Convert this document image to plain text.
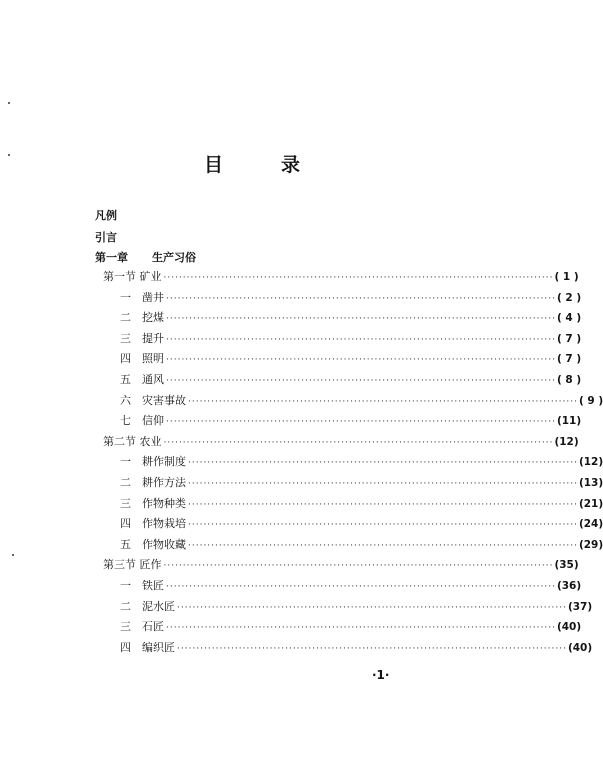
目	录
凡例
引言
第一章 生产习俗
第一节 矿业 ····································································································· ( 1 )
一 凿井 ····································································································· ( 2 )
二 挖煤 ····································································································· ( 4 )
三 提升 ····································································································· ( 7 )
四 照明 ····································································································· ( 7 )
五 通风 ····································································································· ( 8 )
六 灾害事故 ····································································································· ( 9 )
七 信仰 ····································································································· (11)
第二节 农业 ····································································································· (12)
一 耕作制度 ····································································································· (12)
二 耕作方法 ····································································································· (13)
三 作物种类 ····································································································· (21)
四 作物栽培 ····································································································· (24)
五 作物收藏 ····································································································· (29)
第三节 匠作 ····································································································· (35)
一 铁匠 ····································································································· (36)
二 泥水匠 ····································································································· (37)
三 石匠 ····································································································· (40)
四 编织匠 ····································································································· (40)
·1·
